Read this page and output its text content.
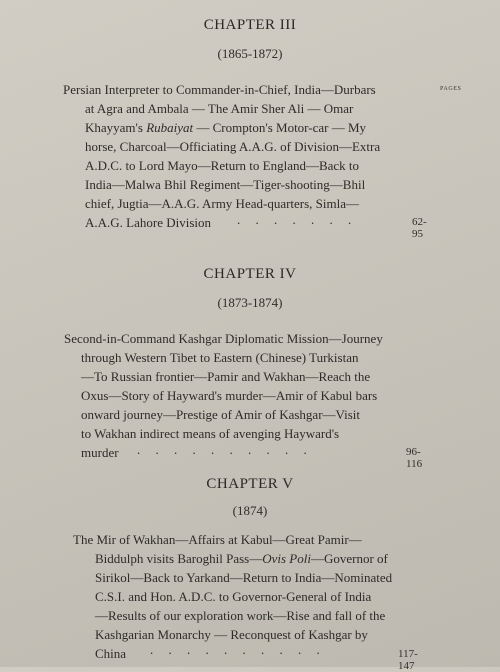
CHAPTER III
(1865-1872)
PAGES
Persian Interpreter to Commander-in-Chief, India—Durbars
at Agra and Ambala — The Amir Sher Ali — Omar
Khayyam's Rubaiyat — Crompton's Motor-car — My
horse, Charcoal—Officiating A.A.G. of Division—Extra
A.D.C. to Lord Mayo—Return to England—Back to
India—Malwa Bhil Regiment—Tiger-shooting—Bhil
chief, Jugtia—A.A.G. Army Head-quarters, Simla—
A.A.G. Lahore Division . . . . . . .	62-95
CHAPTER IV
(1873-1874)
Second-in-Command Kashgar Diplomatic Mission—Journey
through Western Tibet to Eastern (Chinese) Turkistan
—To Russian frontier—Pamir and Wakhan—Reach the
Oxus—Story of Hayward's murder—Amir of Kabul bars
onward journey—Prestige of Amir of Kashgar—Visit
to Wakhan indirect means of avenging Hayward's
murder . . . . . . . . . .	96-116
CHAPTER V
(1874)
The Mir of Wakhan—Affairs at Kabul—Great Pamir—
Biddulph visits Baroghil Pass—Ovis Poli—Governor of
Sirikol—Back to Yarkand—Return to India—Nominated
C.S.I. and Hon. A.D.C. to Governor-General of India
—Results of our exploration work—Rise and fall of the
Kashgarian Monarchy — Reconquest of Kashgar by
China . . . . . . . . . .	117-147
